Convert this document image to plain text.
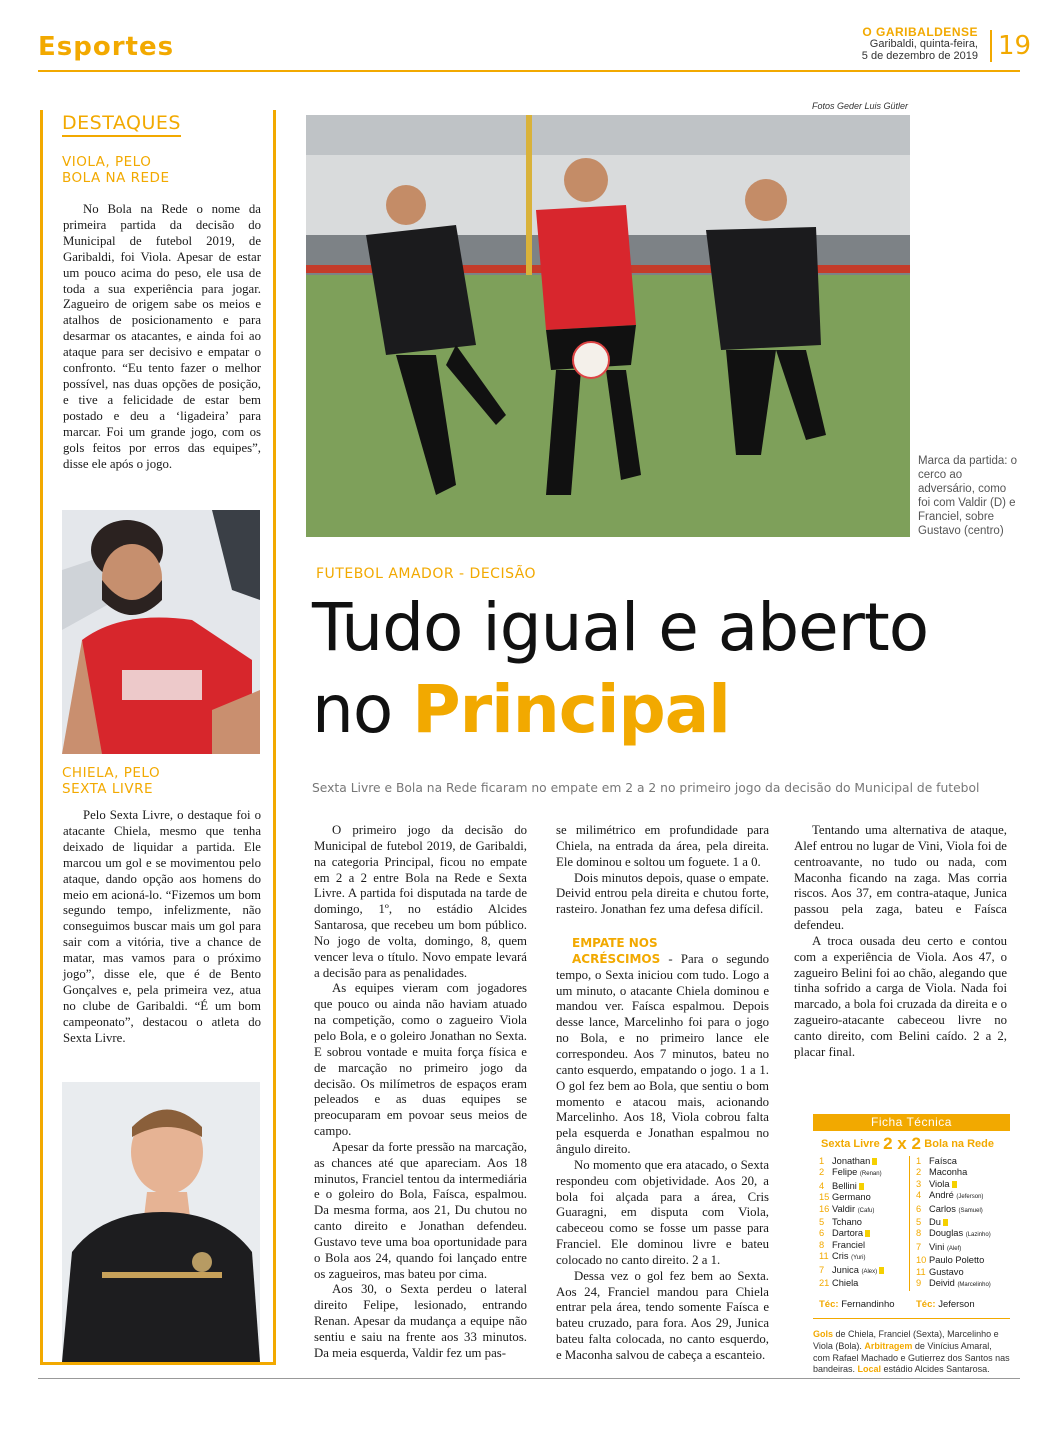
Esportes	O GARIBALDENSE
Garibaldi, quinta-feira,
5 de dezembro de 2019 19
DESTAQUES
VIOLA, PELO
BOLA NA REDE

No Bola na Rede o nome da primeira partida da decisão do Municipal de futebol 2019, de Garibaldi, foi Viola. Apesar de estar um pouco acima do peso, ele usa de toda a sua experiência para jogar. Zagueiro de origem sabe os meios e atalhos de posicionamento e para desarmar os atacantes, e ainda foi ao ataque para ser decisivo e empatar o confronto. “Eu tento fazer o melhor possível, nas duas opções de posição, e tive a felicidade de estar bem postado e deu a ‘ligadeira’ para marcar. Foi um grande jogo, com os gols feitos por erros das equipes”, disse ele após o jogo.

CHIELA, PELO
SEXTA LIVRE

Pelo Sexta Livre, o destaque foi o atacante Chiela, mesmo que tenha deixado de liquidar a partida. Ele marcou um gol e se movimentou pelo ataque, dando opção aos homens do meio em acioná-lo. “Fizemos um bom segundo tempo, infelizmente, não conseguimos buscar mais um gol para sair com a vitória, tive a chance de matar, mas vamos para o próximo jogo”, disse ele, que é de Bento Gonçalves e, pela primeira vez, atua no clube de Garibaldi. “É um bom campeonato”, destacou o atleta do Sexta Livre.

Fotos Geder Luis Gütler
Marca da partida: o cerco ao adversário, como foi com Valdir (D) e Franciel, sobre Gustavo (centro)
FUTEBOL AMADOR - DECISÃO
Tudo igual e aberto
no Principal
Sexta Livre e Bola na Rede ficaram no empate em 2 a 2 no primeiro jogo da decisão do Municipal de futebol

O primeiro jogo da decisão do Municipal de futebol 2019, de Garibaldi, na categoria Principal, ficou no empate em 2 a 2 entre Bola na Rede e Sexta Livre. A partida foi disputada na tarde de domingo, 1º, no estádio Alcides Santarosa, que recebeu um bom público. No jogo de volta, domingo, 8, quem vencer leva o título. Novo empate levará a decisão para as penalidades.

As equipes vieram com jogadores que pouco ou ainda não haviam atuado na competição, como o zagueiro Viola pelo Bola, e o goleiro Jonathan no Sexta. E sobrou vontade e muita força física e de marcação no primeiro jogo da decisão. Os milímetros de espaços eram peleados e as duas equipes se preocuparam em povoar seus meios de campo.

Apesar da forte pressão na marcação, as chances até que apareciam. Aos 18 minutos, Franciel tentou da intermediária e o goleiro do Bola, Faísca, espalmou. Da mesma forma, aos 21, Du chutou no canto direito e Jonathan defendeu. Gustavo teve uma boa oportunidade para o Bola aos 24, quando foi lançado entre os zagueiros, mas bateu por cima.

Aos 30, o Sexta perdeu o lateral direito Felipe, lesionado, entrando Renan. Apesar da mudança a equipe não sentiu e saiu na frente aos 33 minutos. Da meia esquerda, Valdir fez um pas-

se milimétrico em profundidade para Chiela, na entrada da área, pela direita. Ele dominou e soltou um foguete. 1 a 0.

Dois minutos depois, quase o empate. Deivid entrou pela direita e chutou forte, rasteiro. Jonathan fez uma defesa difícil.

EMPATE NOS
ACRÉSCIMOS - Para o segundo tempo, o Sexta iniciou com tudo. Logo a um minuto, o atacante Chiela dominou e mandou ver. Faísca espalmou. Depois desse lance, Marcelinho foi para o jogo no Bola, e no primeiro lance ele correspondeu. Aos 7 minutos, bateu no canto esquerdo, empatando o jogo. 1 a 1. O gol fez bem ao Bola, que sentiu o bom momento e atacou mais, acionando Marcelinho. Aos 18, Viola cobrou falta pela esquerda e Jonathan espalmou no ângulo direito.

No momento que era atacado, o Sexta respondeu com objetividade. Aos 20, a bola foi alçada para a área, Cris Guaragni, em disputa com Viola, cabeceou como se fosse um passe para Franciel. Ele dominou livre e bateu colocado no canto direito. 2 a 1.

Dessa vez o gol fez bem ao Sexta. Aos 24, Franciel mandou para Chiela entrar pela área, tendo somente Faísca e bateu cruzado, para fora. Aos 29, Junica bateu falta colocada, no canto esquerdo, e Maconha salvou de cabeça a escanteio.

Tentando uma alternativa de ataque, Alef entrou no lugar de Vini, Viola foi de centroavante, no tudo ou nada, com Maconha ficando na zaga. Mas corria riscos. Aos 37, em contra-ataque, Junica passou pela zaga, bateu e Faísca defendeu.

A troca ousada deu certo e contou com a experiência de Viola. Aos 47, o zagueiro Belini foi ao chão, alegando que tinha sofrido a carga de Viola. Nada foi marcado, a bola foi cruzada da direita e o zagueiro-atacante cabeceou livre no canto direito, com Belini caído. 2 a 2, placar final.

Ficha Técnica
Sexta Livre 2 x 2 Bola na Rede
1 Jonathan
2 Felipe (Renan)
4 Bellini
15 Germano
16 Valdir (Cafu)
5 Tchano
6 Dartora
8 Franciel
11 Cris (Yuri)
7 Junica (Alex)
21 Chiela
1 Faísca
2 Maconha
3 Viola
4 André (Jeferson)
6 Carlos (Samuel)
5 Du
8 Douglas (Lazinho)
7 Vini (Alef)
10 Paulo Poletto
11 Gustavo
9 Deivid (Marcelinho)
Téc: Fernandinho	Téc: Jeferson
Gols de Chiela, Franciel (Sexta), Marcelinho e Viola (Bola). Arbitragem de Vinícius Amaral, com Rafael Machado e Gutierrez dos Santos nas bandeiras. Local estádio Alcides Santarosa.
